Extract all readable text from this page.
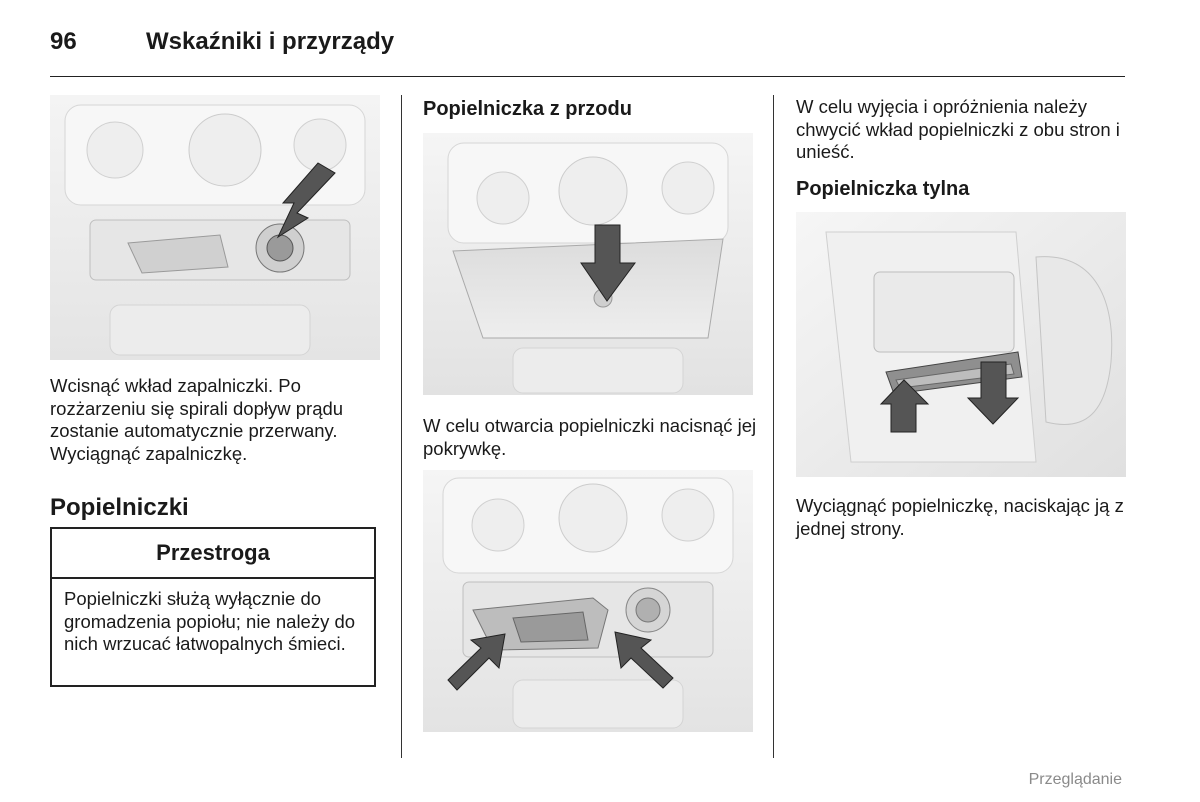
96	Wskaźniki i przyrządy
Wcisnąć wkład zapalniczki. Po rozżarzeniu się spirali dopływ prądu zostanie automatycznie przerwany. Wyciągnąć zapalniczkę.
Popielniczki
Przestroga
Popielniczki służą wyłącznie do gromadzenia popiołu; nie należy do nich wrzucać łatwopalnych śmieci.
Popielniczka z przodu
W celu otwarcia popielniczki nacisnąć jej pokrywkę.
W celu wyjęcia i opróżnienia należy chwycić wkład popielniczki z obu stron i unieść.
Popielniczka tylna
Wyciągnąć popielniczkę, naciskając ją z jednej strony.
Przeglądanie
